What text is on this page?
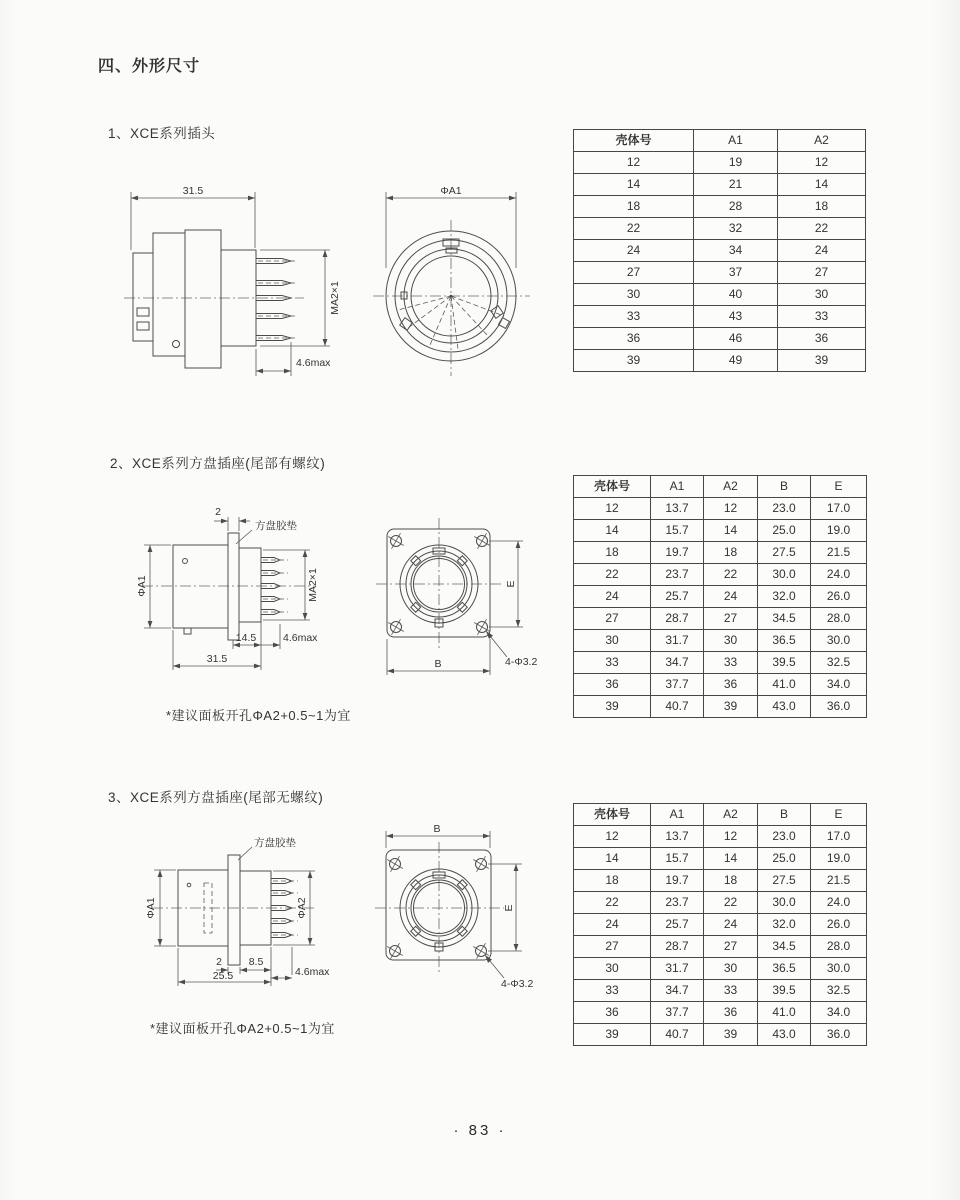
四、外形尺寸
1、XCE系列插头
31.5
MA2×1
4.6max
ΦA1
壳体号	A1	A2
12	19	12
14	21	14
18	28	18
22	32	22
24	34	24
27	37	27
30	40	30
33	43	33
36	46	36
39	49	39
2、XCE系列方盘插座(尾部有螺纹)
方盘胶垫
2
ΦA1	MA2×1
14.5	4.6max
31.5
E
B	4-Φ3.2
壳体号	A1	A2	B	E
12	13.7	12	23.0	17.0
14	15.7	14	25.0	19.0
18	19.7	18	27.5	21.5
22	23.7	22	30.0	24.0
24	25.7	24	32.0	26.0
27	28.7	27	34.5	28.0
30	31.7	30	36.5	30.0
33	34.7	33	39.5	32.5
36	37.7	36	41.0	34.0
39	40.7	39	43.0	36.0
*建议面板开孔ΦA2+0.5~1为宜
3、XCE系列方盘插座(尾部无螺纹)
方盘胶垫
ΦA1	ΦA2
2	8.5
4.6max
25.5
B
E
4-Φ3.2
壳体号	A1	A2	B	E
12	13.7	12	23.0	17.0
14	15.7	14	25.0	19.0
18	19.7	18	27.5	21.5
22	23.7	22	30.0	24.0
24	25.7	24	32.0	26.0
27	28.7	27	34.5	28.0
30	31.7	30	36.5	30.0
33	34.7	33	39.5	32.5
36	37.7	36	41.0	34.0
39	40.7	39	43.0	36.0
*建议面板开孔ΦA2+0.5~1为宜
· 83 ·
